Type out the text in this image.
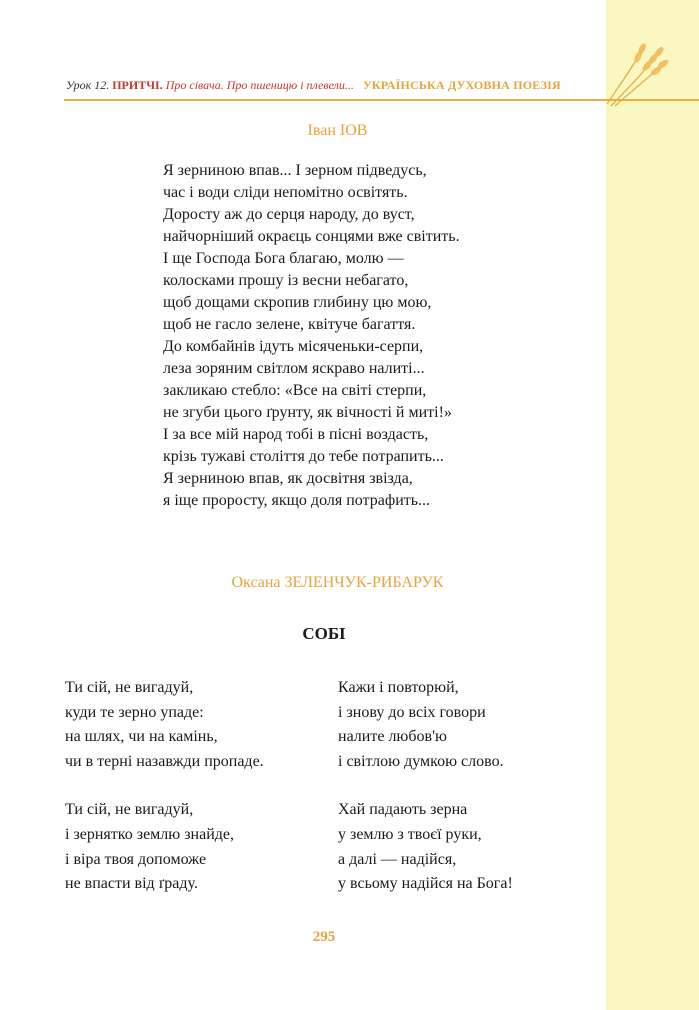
Урок 12. ПРИТЧІ. Про сівача. Про пшеницю і плевели... УКРАЇНСЬКА ДУХОВНА ПОЕЗІЯ
Іван ІОВ
Я зерниною впав... І зерном підведусь,
час і води сліди непомітно освітять.
Доросту аж до серця народу, до вуст,
найчорніший окраєць сонцями вже світить.
І ще Господа Бога благаю, молю —
колосками прошу із весни небагато,
щоб дощами скропив глибину цю мою,
щоб не гасло зелене, квітуче багаття.
До комбайнів ідуть місяченьки-серпи,
леза зоряним світлом яскраво налиті...
закликаю стебло: «Все на світі стерпи,
не згуби цього ґрунту, як вічності й миті!»
І за все мій народ тобі в пісні воздасть,
крізь тужаві століття до тебе потрапить...
Я зерниною впав, як досвітня звізда,
я іще проросту, якщо доля потрафить...
Оксана ЗЕЛЕНЧУК-РИБАРУК
СОБІ
Ти сій, не вигадуй,
куди те зерно упаде:
на шлях, чи на камінь,
чи в терні назавжди пропаде.
Ти сій, не вигадуй,
і зернятко землю знайде,
і віра твоя допоможе
не впасти від ґраду.
Кажи і повторюй,
і знову до всіх говори
налите любов'ю
і світлою думкою слово.
Хай падають зерна
у землю з твоєї руки,
а далі — надійся,
у всьому надійся на Бога!
295
